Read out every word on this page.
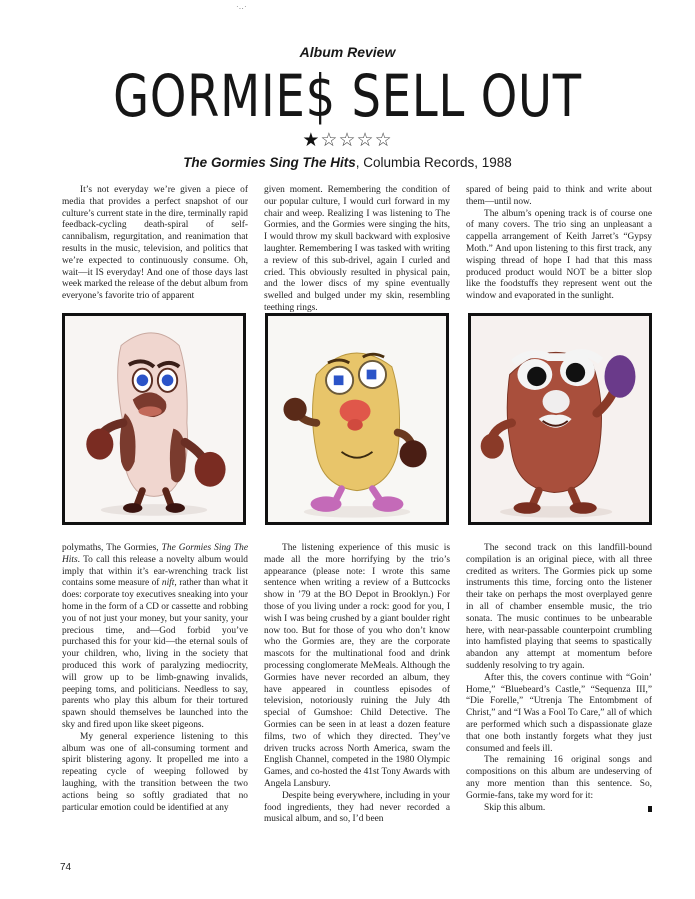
·‥·
Album Review
GORMIE$ SELL OUT
★☆☆☆☆
The Gormies Sing The Hits, Columbia Records, 1988

It’s not everyday we’re given a piece of media that provides a perfect snapshot of our culture’s current state in the dire, terminally rapid feedback-cycling death-spiral of self-cannibalism, regurgitation, and reanimation that results in the music, television, and politics that we’re expected to continuously consume. Oh, wait—it IS everyday! And one of those days last week marked the release of the debut album from everyone’s favorite trio of apparent

given moment. Remembering the condition of our popular culture, I would curl forward in my chair and weep. Realizing I was listening to The Gormies, and the Gormies were singing the hits, I would throw my skull backward with explosive laughter. Remembering I was tasked with writing a review of this sub-drivel, again I curled and cried. This obviously resulted in physical pain, and the lower discs of my spine eventually swelled and bulged under my skin, resembling teething rings.

spared of being paid to think and write about them—until now.

The album’s opening track is of course one of many covers. The trio sing an unpleasant a cappella arrangement of Keith Jarret’s “Gypsy Moth.” And upon listening to this first track, any wisping thread of hope I had that this mass produced product would NOT be a bitter slop like the foodstuffs they represent went out the window and evaporated in the sunlight.

polymaths, The Gormies, The Gormies Sing The Hits. To call this release a novelty album would imply that within it’s ear-wrenching track list contains some measure of nift, rather than what it does: corporate toy executives sneaking into your home in the form of a CD or cassette and robbing you of not just your money, but your sanity, your precious time, and—God forbid you’ve purchased this for your kid—the eternal souls of your children, who, living in the society that produced this work of paralyzing mediocrity, will grow up to be limb-gnawing invalids, peeping toms, and politicians. Needless to say, parents who play this album for their tortured spawn should themselves be launched into the sky and fired upon like skeet pigeons.

My general experience listening to this album was one of all-consuming torment and spirit blistering agony. It propelled me into a repeating cycle of weeping followed by laughing, with the transition between the two actions being so softly gradiated that no particular emotion could be identified at any

The listening experience of this music is made all the more horrifying by the trio’s appearance (please note: I wrote this same sentence when writing a review of a Buttcocks show in ’79 at the BO Depot in Brooklyn.) For those of you living under a rock: good for you, I wish I was being crushed by a giant boulder right now too. But for those of you who don’t know who the Gormies are, they are the corporate mascots for the multinational food and drink processing conglomerate MeMeals. Although the Gormies have never recorded an album, they have appeared in countless episodes of television, notoriously ruining the July 4th special of Gumshoe: Child Detective. The Gormies can be seen in at least a dozen feature films, two of which they directed. They’ve driven trucks across North America, swam the English Channel, competed in the 1980 Olympic Games, and co-hosted the 41st Tony Awards with Angela Lansbury.

Despite being everywhere, including in your food ingredients, they had never recorded a musical album, and so, I’d been

The second track on this landfill-bound compilation is an original piece, with all three credited as writers. The Gormies pick up some instruments this time, forcing onto the listener their take on perhaps the most overplayed genre in all of chamber ensemble music, the trio sonata. The music continues to be unbearable here, with near-passable counterpoint crumbling into hamfisted playing that seems to spastically abandon any attempt at momentum before suddenly resolving to try again.

After this, the covers continue with “Goin’ Home,” “Bluebeard’s Castle,” “Sequenza III,” “Die Forelle,” “Utrenja The Entombment of Christ,” and “I Was a Fool To Care,” all of which are performed which such a dispassionate glaze that one both instantly forgets what they just consumed and feels ill.

The remaining 16 original songs and compositions on this album are undeserving of any more mention than this sentence. So, Gormie-fans, take my word for it:

Skip this album.

74
